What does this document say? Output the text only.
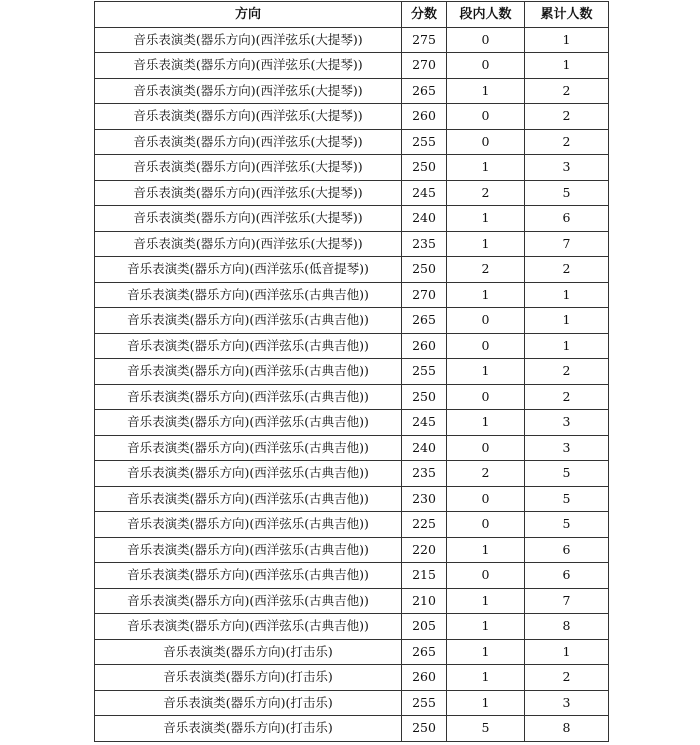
方向	分数	段内人数	累计人数
音乐表演类(器乐方向)(西洋弦乐(大提琴))	275	0	1
音乐表演类(器乐方向)(西洋弦乐(大提琴))	270	0	1
音乐表演类(器乐方向)(西洋弦乐(大提琴))	265	1	2
音乐表演类(器乐方向)(西洋弦乐(大提琴))	260	0	2
音乐表演类(器乐方向)(西洋弦乐(大提琴))	255	0	2
音乐表演类(器乐方向)(西洋弦乐(大提琴))	250	1	3
音乐表演类(器乐方向)(西洋弦乐(大提琴))	245	2	5
音乐表演类(器乐方向)(西洋弦乐(大提琴))	240	1	6
音乐表演类(器乐方向)(西洋弦乐(大提琴))	235	1	7
音乐表演类(器乐方向)(西洋弦乐(低音提琴))	250	2	2
音乐表演类(器乐方向)(西洋弦乐(古典吉他))	270	1	1
音乐表演类(器乐方向)(西洋弦乐(古典吉他))	265	0	1
音乐表演类(器乐方向)(西洋弦乐(古典吉他))	260	0	1
音乐表演类(器乐方向)(西洋弦乐(古典吉他))	255	1	2
音乐表演类(器乐方向)(西洋弦乐(古典吉他))	250	0	2
音乐表演类(器乐方向)(西洋弦乐(古典吉他))	245	1	3
音乐表演类(器乐方向)(西洋弦乐(古典吉他))	240	0	3
音乐表演类(器乐方向)(西洋弦乐(古典吉他))	235	2	5
音乐表演类(器乐方向)(西洋弦乐(古典吉他))	230	0	5
音乐表演类(器乐方向)(西洋弦乐(古典吉他))	225	0	5
音乐表演类(器乐方向)(西洋弦乐(古典吉他))	220	1	6
音乐表演类(器乐方向)(西洋弦乐(古典吉他))	215	0	6
音乐表演类(器乐方向)(西洋弦乐(古典吉他))	210	1	7
音乐表演类(器乐方向)(西洋弦乐(古典吉他))	205	1	8
音乐表演类(器乐方向)(打击乐)	265	1	1
音乐表演类(器乐方向)(打击乐)	260	1	2
音乐表演类(器乐方向)(打击乐)	255	1	3
音乐表演类(器乐方向)(打击乐)	250	5	8
